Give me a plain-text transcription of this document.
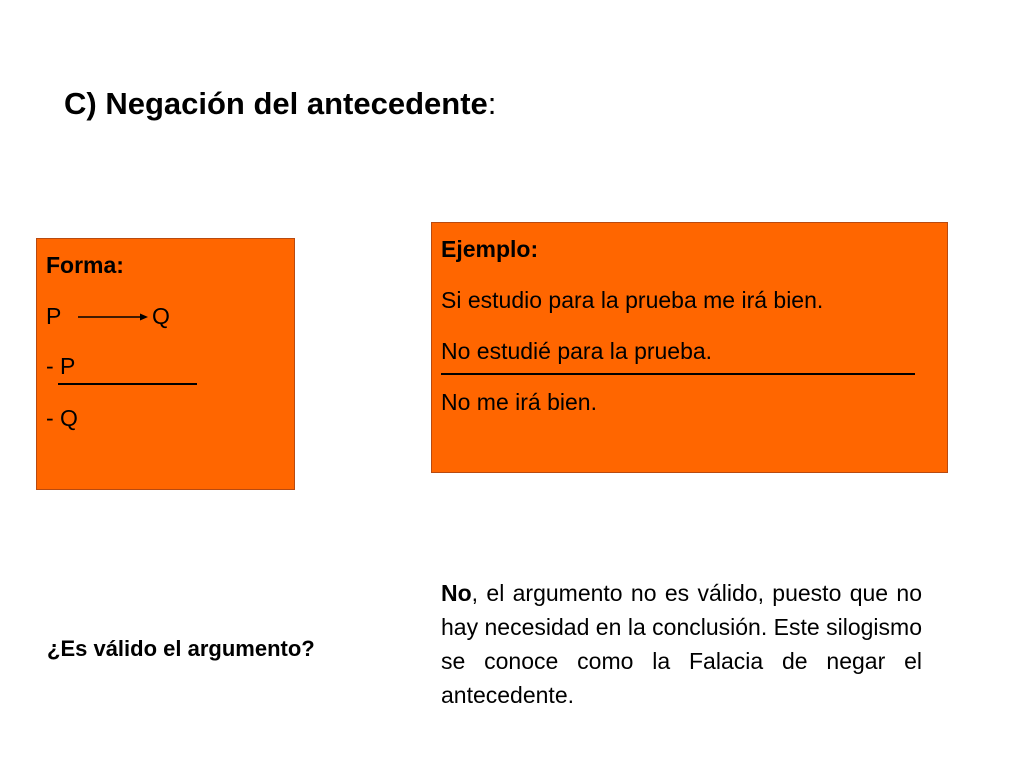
C) Negación del antecedente:
Forma:
P	Q
- P
- Q
Ejemplo:
Si estudio para la prueba me irá bien.
No estudié para la prueba.
No me irá bien.
¿Es válido el argumento?
No, el argumento no es válido, puesto que no hay necesidad en la conclusión. Este silogismo se conoce como la Falacia de negar el antecedente.
